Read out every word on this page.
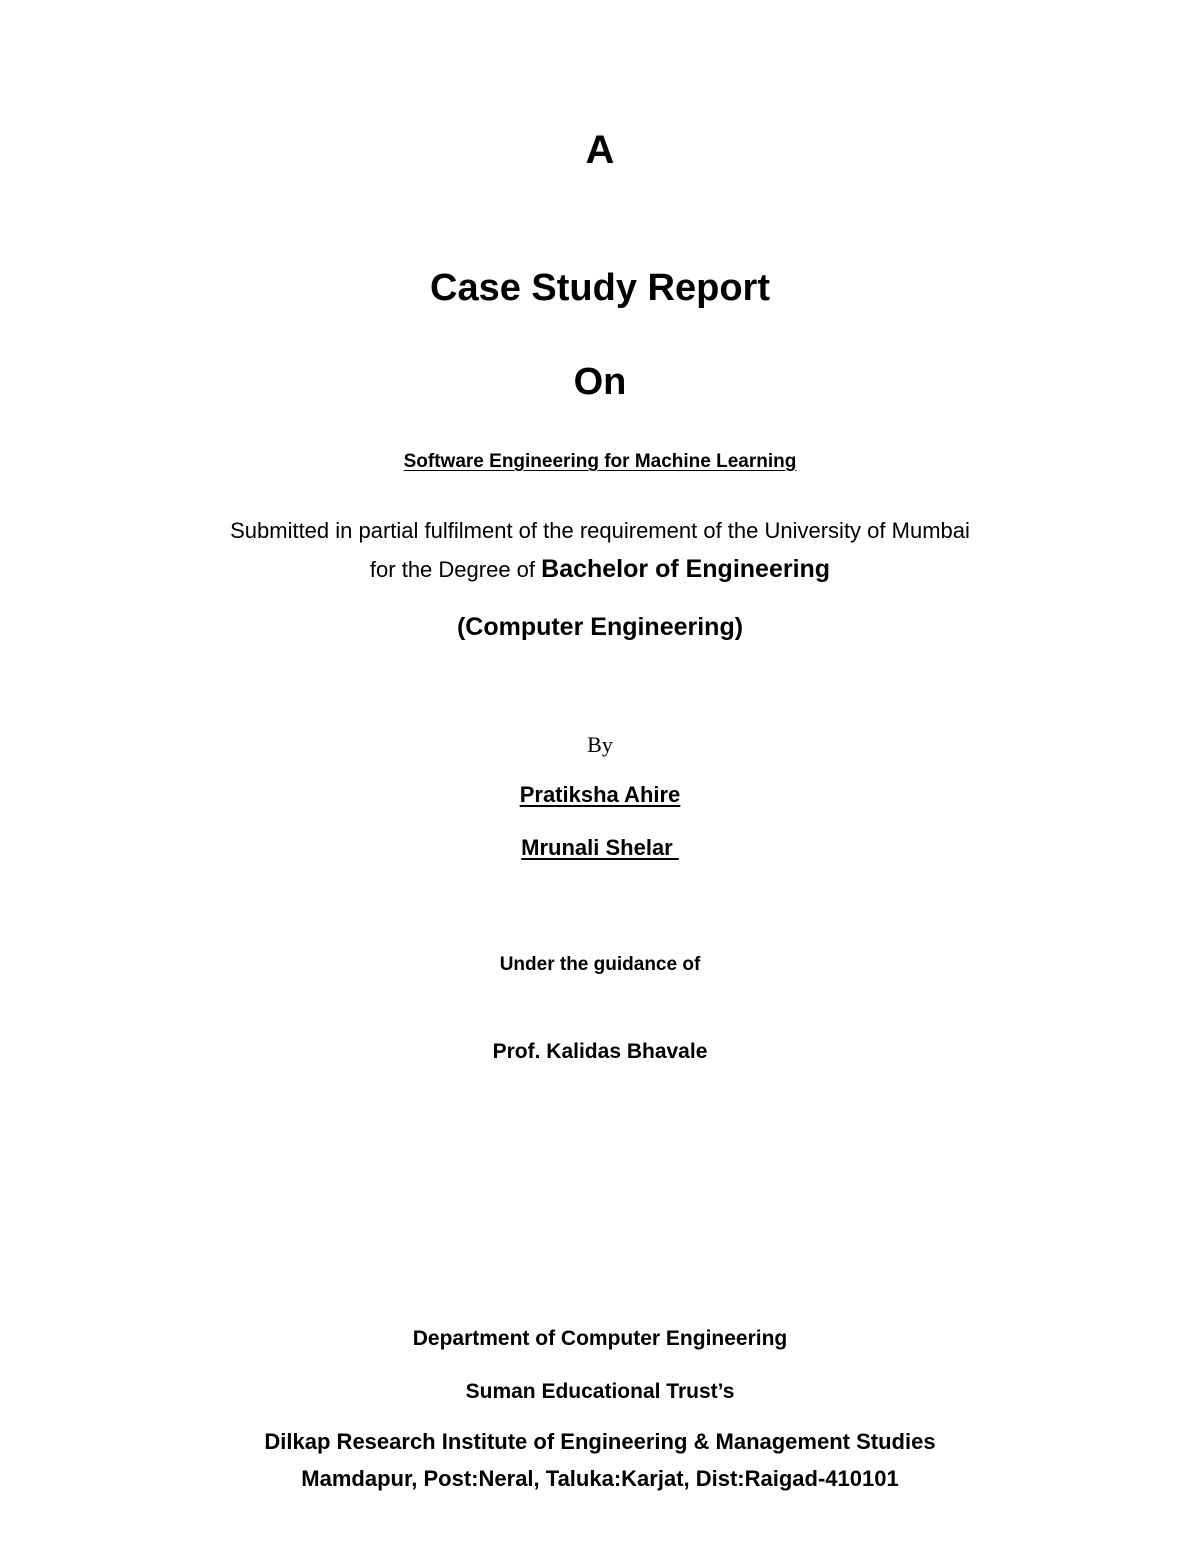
A
Case Study Report
On
Software Engineering for Machine Learning
Submitted in partial fulfilment of the requirement of the University of Mumbai
for the Degree of Bachelor of Engineering
(Computer Engineering)
By
Pratiksha Ahire
Mrunali Shelar
Under the guidance of
Prof. Kalidas Bhavale
Department of Computer Engineering
Suman Educational Trust’s
Dilkap Research Institute of Engineering & Management Studies
Mamdapur, Post:Neral, Taluka:Karjat, Dist:Raigad-410101
